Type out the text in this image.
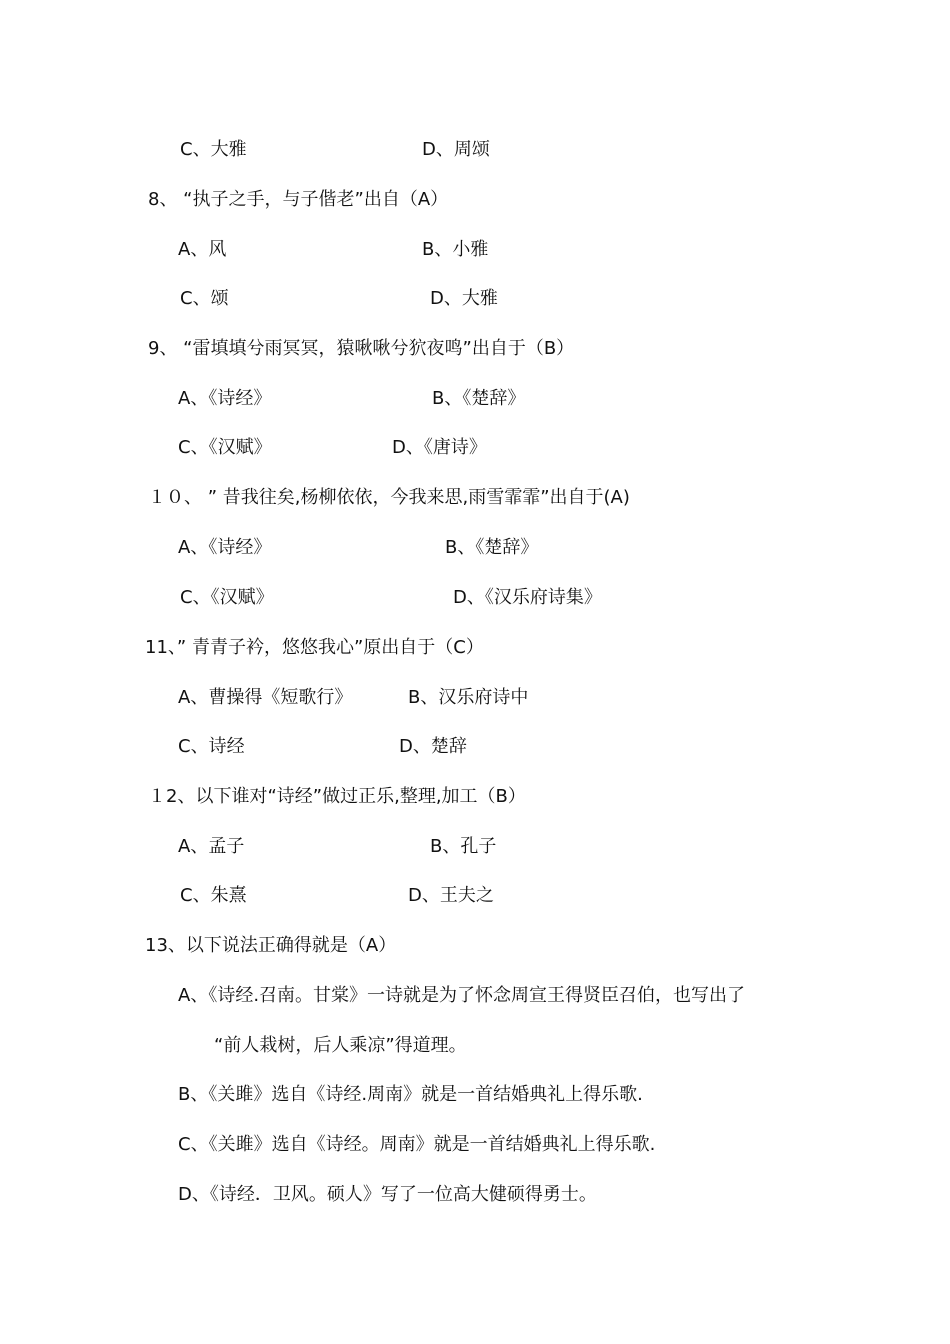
C、大雅	D、周颂
8、 “执子之手，与子偕老”出自（A）
A、风	B、小雅
C、颂	D、大雅
9、 “雷填填兮雨冥冥，猿啾啾兮狖夜鸣”出自于（B）
A、《诗经》	B、《楚辞》
C、《汉赋》	D、《唐诗》
１０、 ” 昔我往矣,杨柳依依，今我来思,雨雪霏霏”出自于(A)
A、《诗经》	B、《楚辞》
C、《汉赋》	D、《汉乐府诗集》
11、” 青青子衿，悠悠我心”原出自于（C）
A、曹操得《短歌行》	B、汉乐府诗中
C、诗经	D、楚辞
１2、以下谁对“诗经”做过正乐,整理,加工（B）
A、孟子	B、孔子
C、朱熹	D、王夫之
13、以下说法正确得就是（A）
A、《诗经.召南。甘棠》一诗就是为了怀念周宣王得贤臣召伯，也写出了
“前人栽树，后人乘凉”得道理。
B、《关雎》选自《诗经.周南》就是一首结婚典礼上得乐歌.
C、《关雎》选自《诗经。周南》就是一首结婚典礼上得乐歌.
D、《诗经．卫风。硕人》写了一位高大健硕得勇士。
